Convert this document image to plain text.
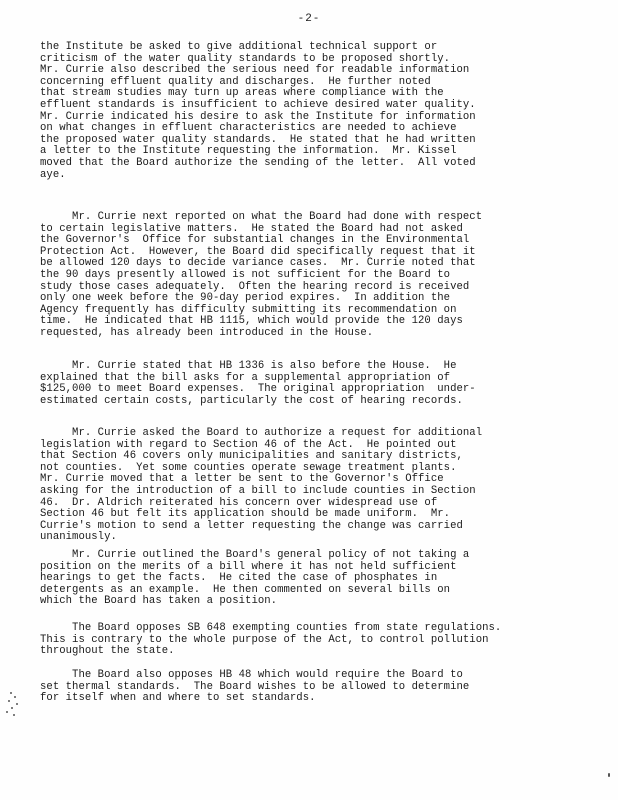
-2-
the Institute be asked to give additional technical support or
criticism of the water quality standards to be proposed shortly.
Mr. Currie also described the serious need for readable information
concerning effluent quality and discharges.  He further noted
that stream studies may turn up areas where compliance with the
effluent standards is insufficient to achieve desired water quality.
Mr. Currie indicated his desire to ask the Institute for information
on what changes in effluent characteristics are needed to achieve
the proposed water quality standards.  He stated that he had written
a letter to the Institute requesting the information.  Mr. Kissel
moved that the Board authorize the sending of the letter.  All voted
aye.
Mr. Currie next reported on what the Board had done with respect
to certain legislative matters.  He stated the Board had not asked
the Governor's  Office for substantial changes in the Environmental
Protection Act.  However, the Board did specifically request that it
be allowed 120 days to decide variance cases.  Mr. Currie noted that
the 90 days presently allowed is not sufficient for the Board to
study those cases adequately.  Often the hearing record is received
only one week before the 90-day period expires.  In addition the
Agency frequently has difficulty submitting its recommendation on
time.  He indicated that HB 1115, which would provide the 120 days
requested, has already been introduced in the House.
Mr. Currie stated that HB 1336 is also before the House.  He
explained that the bill asks for a supplemental appropriation of
$125,000 to meet Board expenses.  The original appropriation  under-
estimated certain costs, particularly the cost of hearing records.
Mr. Currie asked the Board to authorize a request for additional
legislation with regard to Section 46 of the Act.  He pointed out
that Section 46 covers only municipalities and sanitary districts,
not counties.  Yet some counties operate sewage treatment plants.
Mr. Currie moved that a letter be sent to the Governor's Office
asking for the introduction of a bill to include counties in Section
46.  Dr. Aldrich reiterated his concern over widespread use of
Section 46 but felt its application should be made uniform.  Mr.
Currie's motion to send a letter requesting the change was carried
unanimously.
Mr. Currie outlined the Board's general policy of not taking a
position on the merits of a bill where it has not held sufficient
hearings to get the facts.  He cited the case of phosphates in
detergents as an example.  He then commented on several bills on
which the Board has taken a position.
The Board opposes SB 648 exempting counties from state regulations.
This is contrary to the whole purpose of the Act, to control pollution
throughout the state.
The Board also opposes HB 48 which would require the Board to
set thermal standards.  The Board wishes to be allowed to determine
for itself when and where to set standards.
